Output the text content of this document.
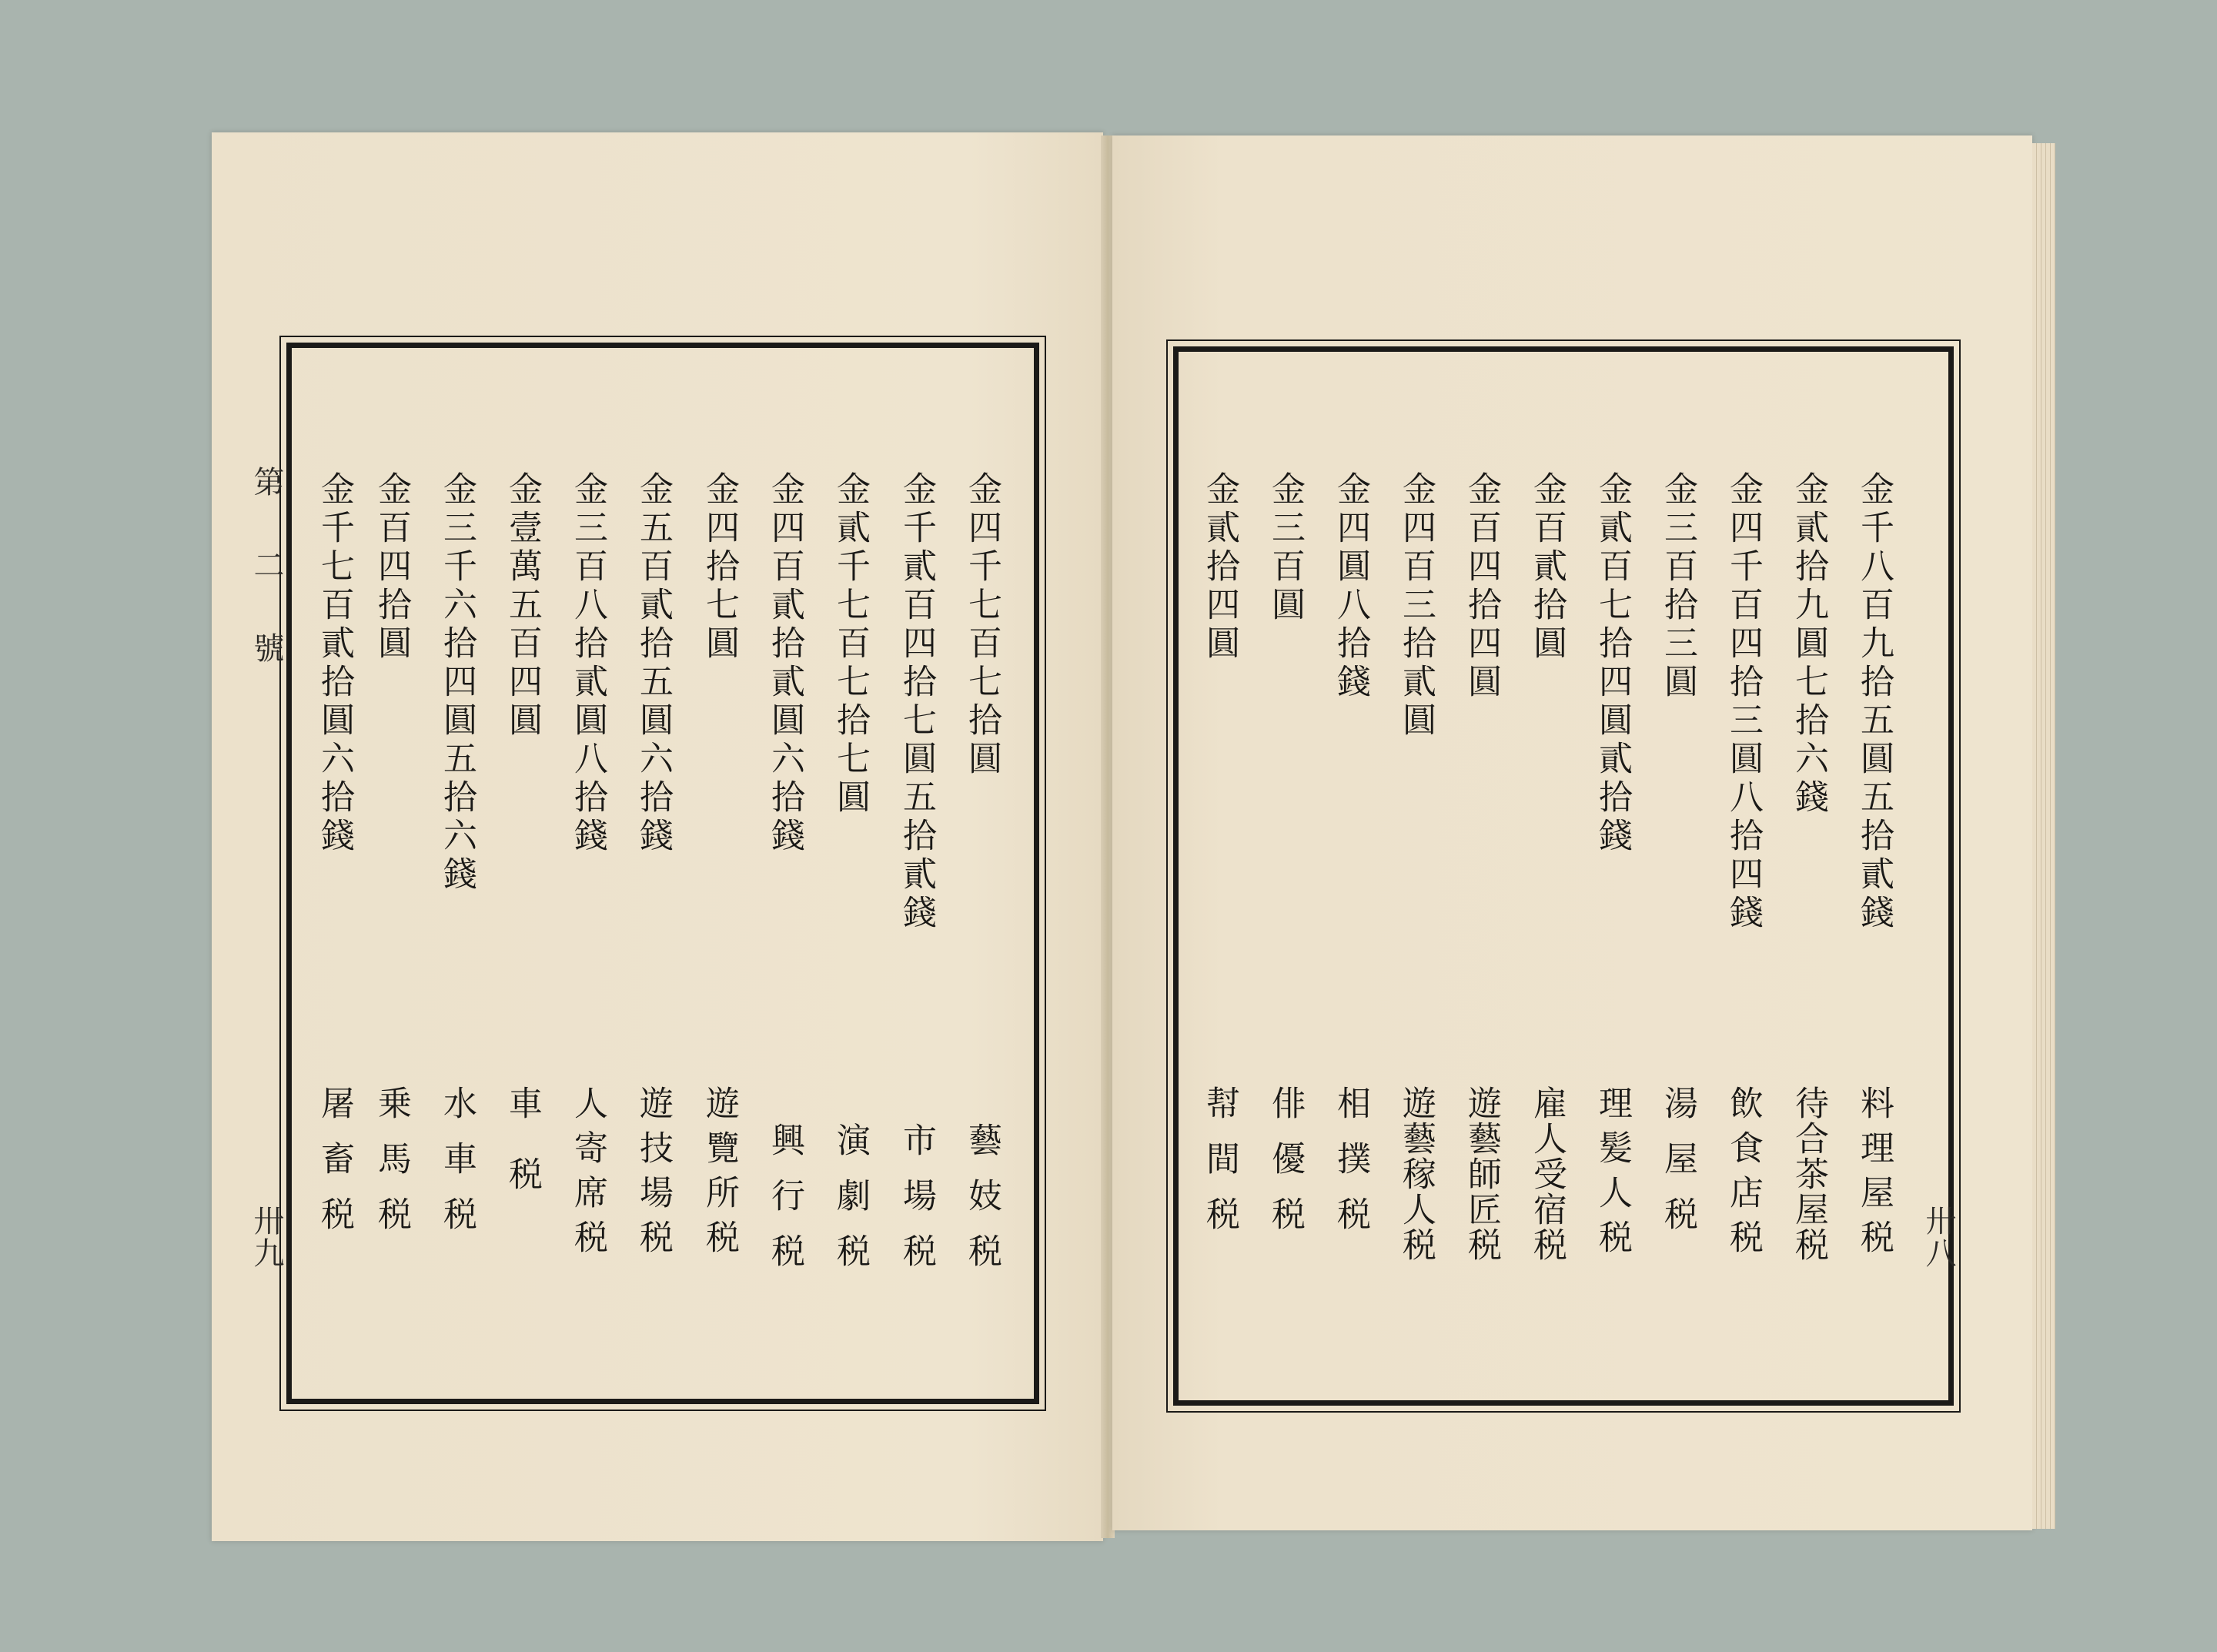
第二號
卅九	卅八
金四千七百七拾圓
藝妓税
金千貳百四拾七圓五拾貳錢
市場税
金貳千七百七拾七圓
演劇税
金四百貳拾貳圓六拾錢
興行税
金四拾七圓
遊覽所税
金五百貳拾五圓六拾錢
遊技場税
金三百八拾貳圓八拾錢
人寄席税
金壹萬五百四圓
車税
金三千六拾四圓五拾六錢
水車税
金百四拾圓
乗馬税
金千七百貳拾圓六拾錢
屠畜税
金千八百九拾五圓五拾貳錢
料理屋税
金貳拾九圓七拾六錢
待合茶屋税
金四千百四拾三圓八拾四錢
飲食店税
金三百拾三圓
湯屋税
金貳百七拾四圓貳拾錢
理髪人税
金百貳拾圓
雇人受宿税
金百四拾四圓
遊藝師匠税
金四百三拾貳圓
遊藝稼人税
金四圓八拾錢
相撲税
金三百圓
俳優税
金貳拾四圓
幇間税
